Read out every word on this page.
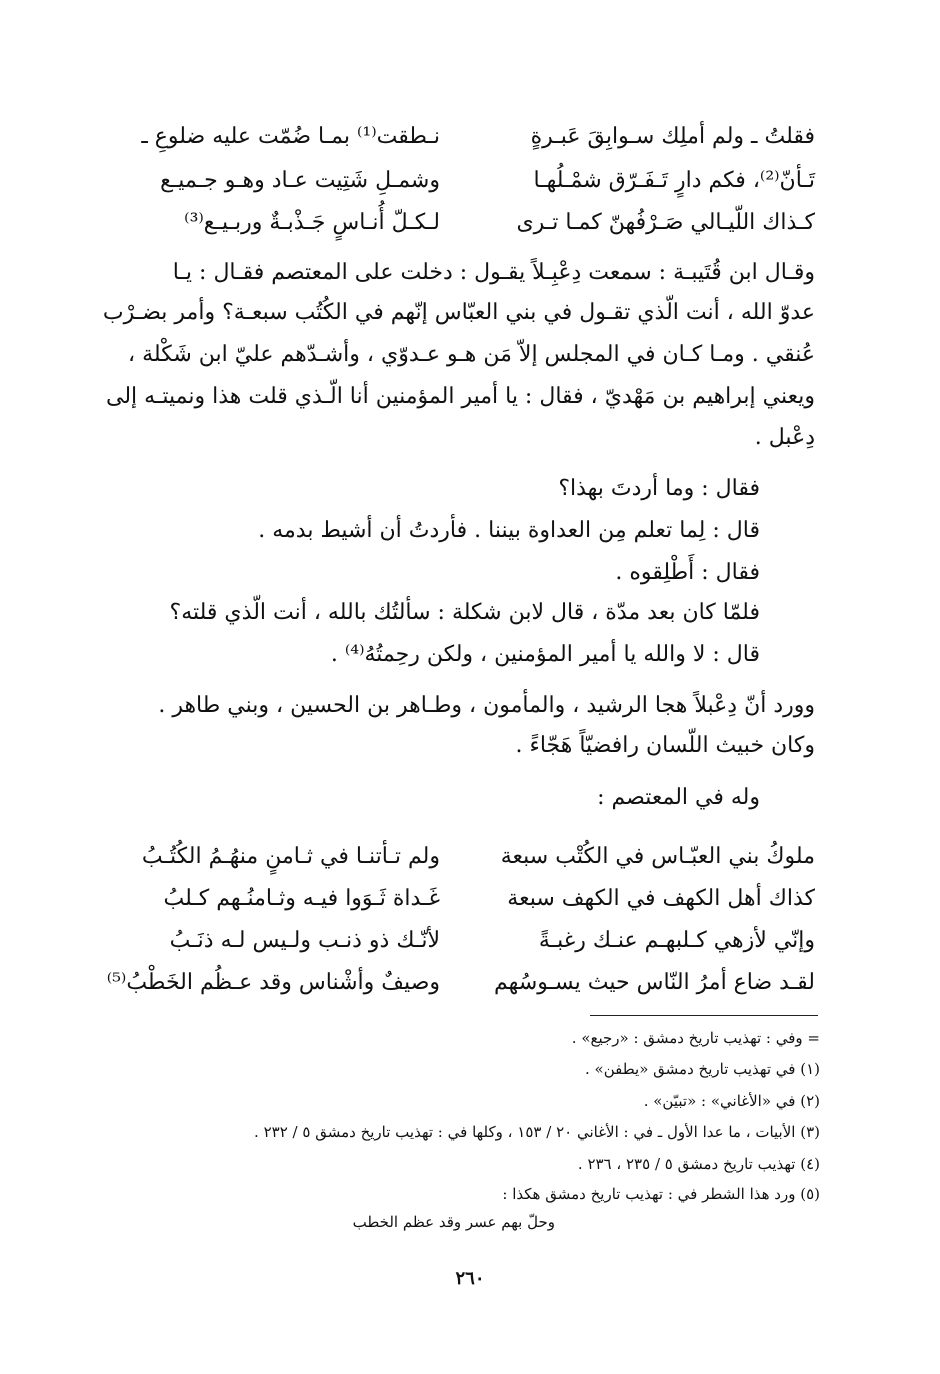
فقلتُ ـ ولم أملِك سـوابِقَ عَبـرةٍ
نـطقت⁽¹⁾ بمـا ضُمّت عليه ضلوعِ ـ
تَـأنّ⁽²⁾، فكم دارٍ تَـفَـرّق شمْـلُهـا
وشمـلِ شَتِيت عـاد وهـو جـميـع
كـذاك اللّيـالي صَـرْفُهنّ كمـا تـرى
لـكـلّ أُنـاسٍ جَـذْبـةٌ وربـيـع⁽³⁾
وقـال ابن قُتَيبـة : سمعت دِعْبِـلاً يقـول : دخلت على المعتصم فقـال : يـا
عدوّ الله ، أنت الّذي تقـول في بني العبّاس إنّهم في الكُتُب سبعـة؟ وأمر بضـرْب
عُنقي . ومـا كـان في المجلس إلاّ مَن هـو عـدوّي ، وأشـدّهم عليّ ابن شَكْلة ،
ويعني إبراهيم بن مَهْديّ ، فقال : يا أمير المؤمنين أنا الّـذي قلت هذا ونميتـه إلى
دِعْبل .
فقال : وما أردتَ بهذا؟
قال : لِما تعلم مِن العداوة بيننا . فأردتُ أن أشيط بدمه .
فقال : أَطْلِقوه .
فلمّا كان بعد مدّة ، قال لابن شكلة : سألتُك بالله ، أنت الّذي قلته؟
قال : لا والله يا أمير المؤمنين ، ولكن رحِمتُهُ⁽⁴⁾ .
وورد أنّ دِعْبلاً هجا الرشيد ، والمأمون ، وطـاهر بن الحسين ، وبني طاهر .
وكان خبيث اللّسان رافضيّاً هَجّاءً .
وله في المعتصم :
ملوكُ بني العبّـاس في الكُتْب سبعة
ولم تـأتنـا في ثـامنٍ منهُـمُ الكُتُـبُ
كذاك أهل الكهف في الكهف سبعة
غَـداة ثَـوَوا فيـه وثـامنُـهم كـلبُ
وإنّي لأزهي كـلبهـم عنـك رغبـةً
لأنّـك ذو ذنـب ولـيس لـه ذنَـبُ
لقـد ضاع أمرُ النّاس حيث يسـوسُهم
وصيفٌ وأشْناس وقد عـظُم الخَطْبُ⁽⁵⁾
= وفي : تهذيب تاريخ دمشق : «رجيع» .
(١) في تهذيب تاريخ دمشق «يطفن» .
(٢) في «الأغاني» : «تبيّن» .
(٣) الأبيات ، ما عدا الأول ـ في : الأغاني ٢٠ / ١٥٣ ، وكلها في : تهذيب تاريخ دمشق ٥ / ٢٣٢ .
(٤) تهذيب تاريخ دمشق ٥ / ٢٣٥ ، ٢٣٦ .
(٥) ورد هذا الشطر في : تهذيب تاريخ دمشق هكذا :
وحلّ بهم عسر وقد عظم الخطب
٢٦٠
